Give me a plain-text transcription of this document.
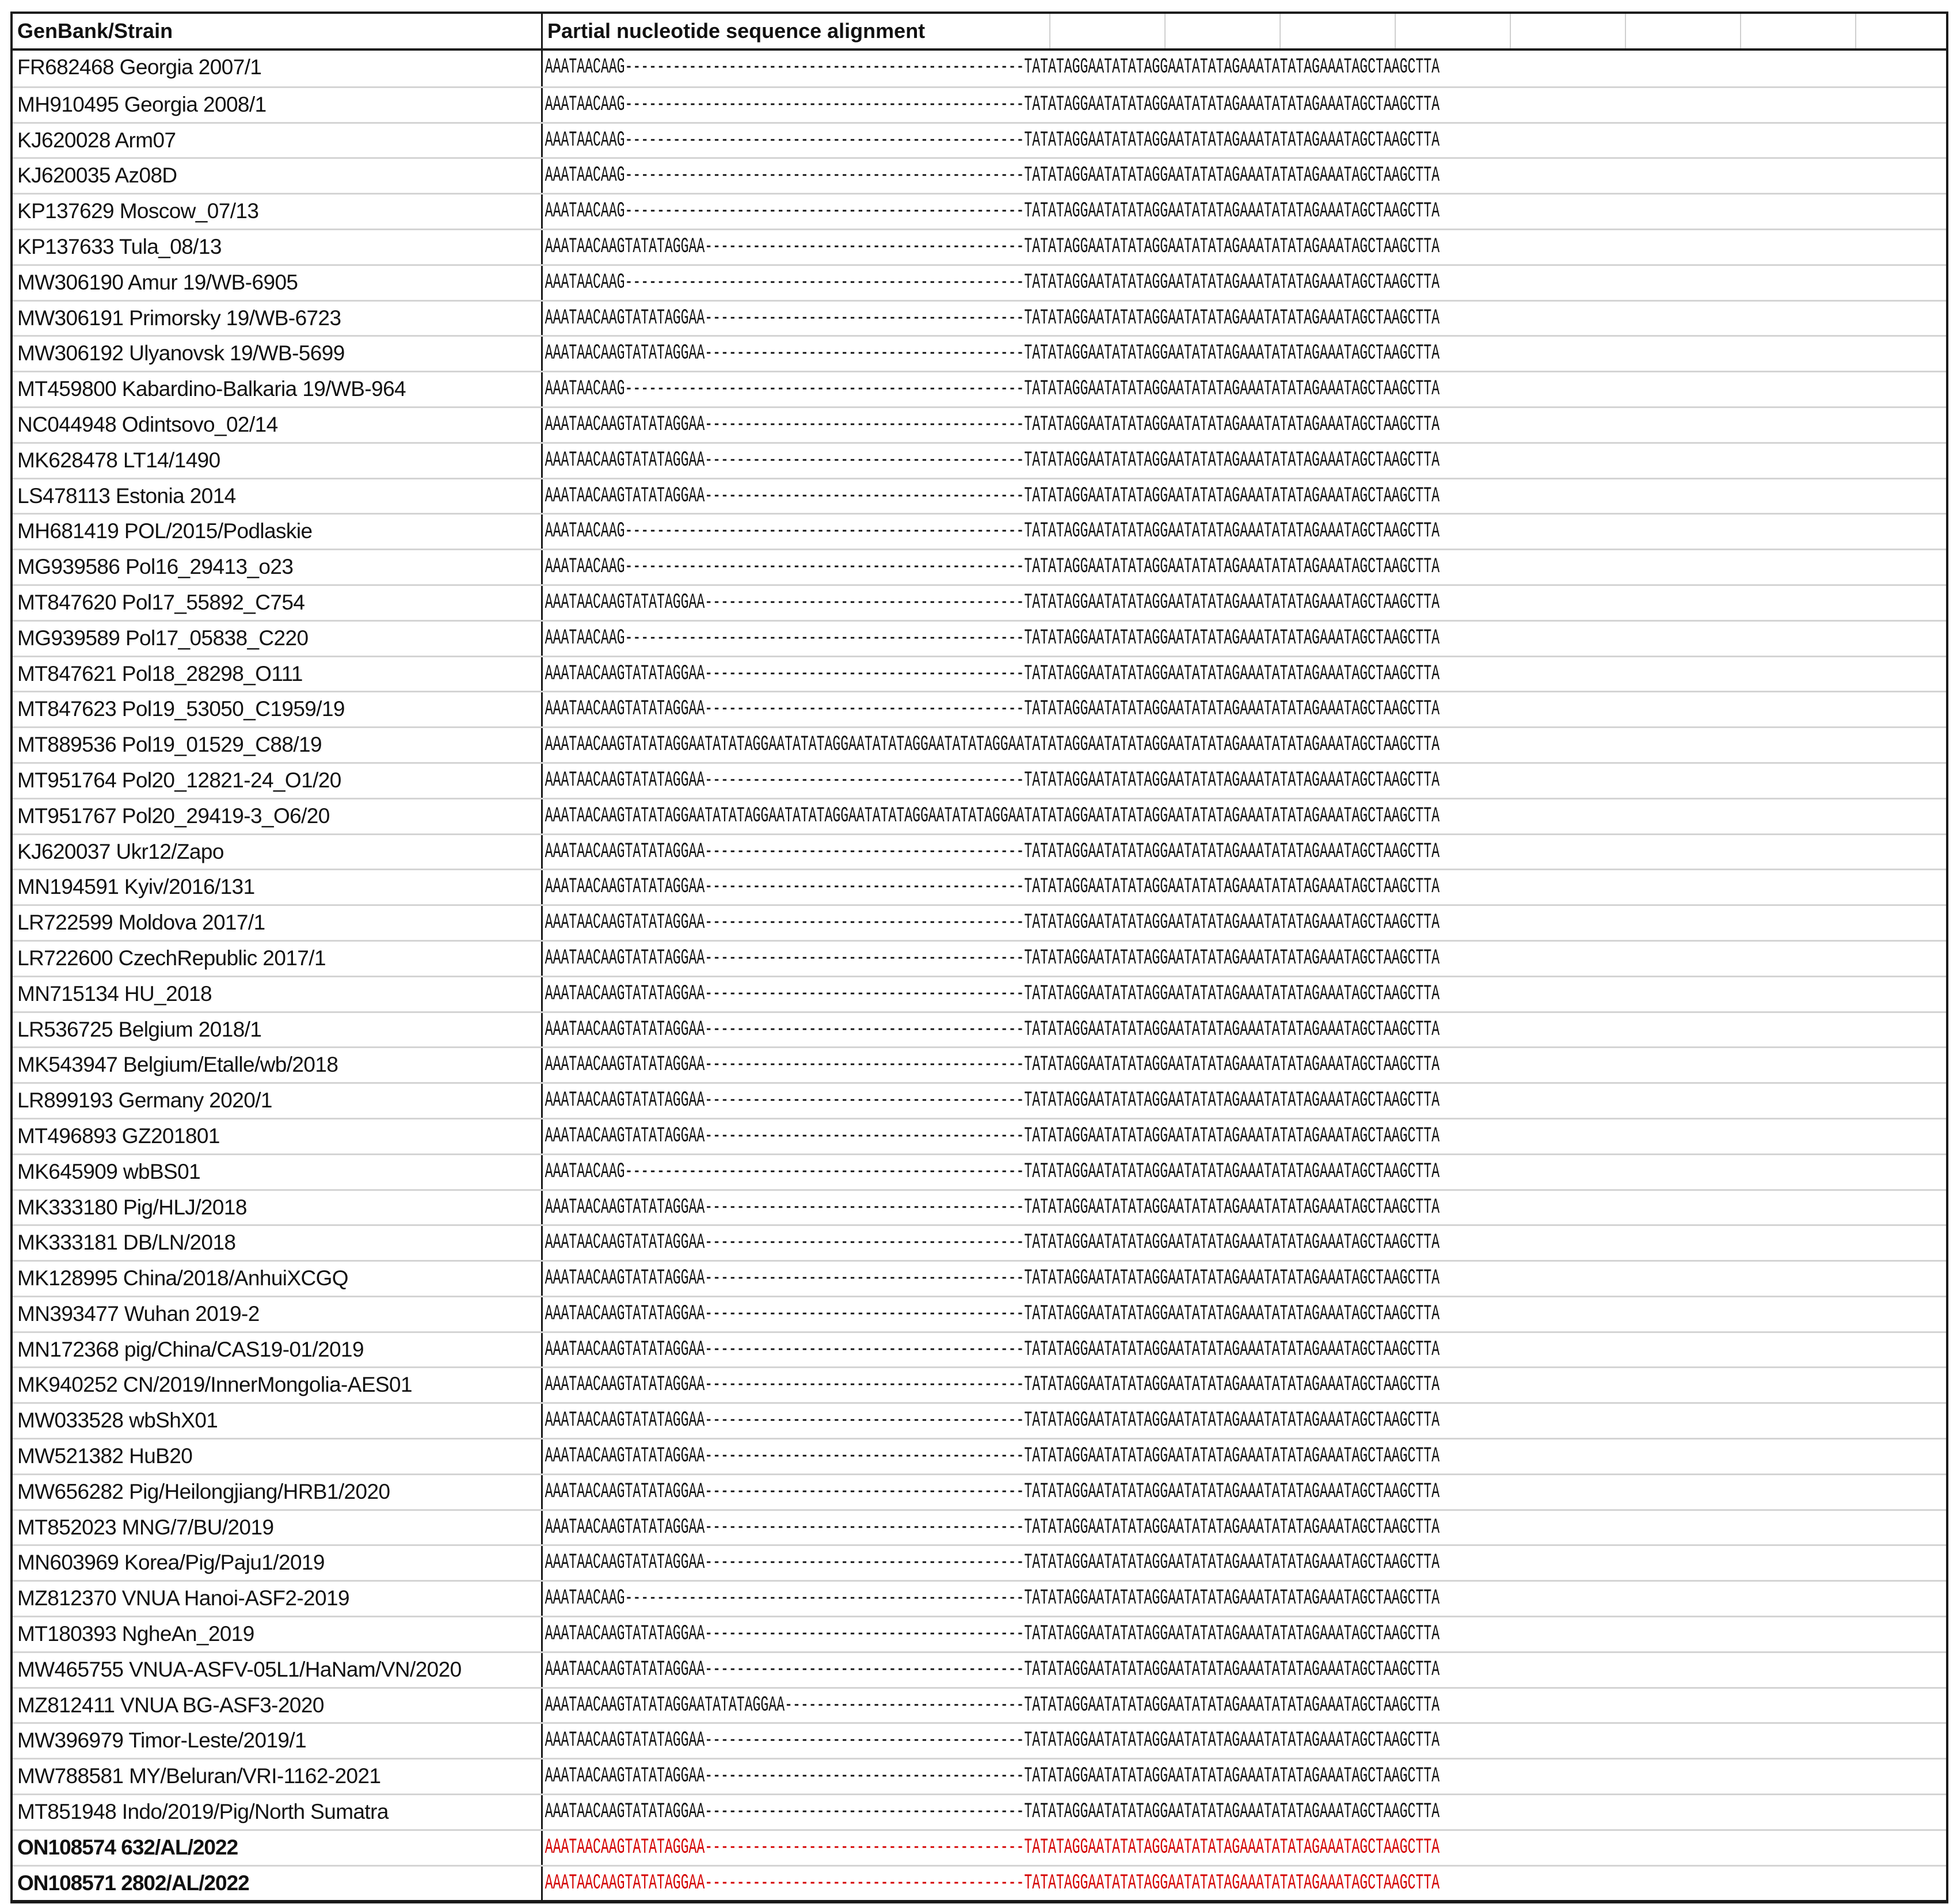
GenBank/Strain	Partial nucleotide sequence alignment
FR682468 Georgia 2007/1	AAATAACAAG--------------------------------------------------TATATAGGAATATATAGGAATATATAGAAATATATAGAAATAGCTAAGCTTA
MH910495 Georgia 2008/1	AAATAACAAG--------------------------------------------------TATATAGGAATATATAGGAATATATAGAAATATATAGAAATAGCTAAGCTTA
KJ620028 Arm07	AAATAACAAG--------------------------------------------------TATATAGGAATATATAGGAATATATAGAAATATATAGAAATAGCTAAGCTTA
KJ620035 Az08D	AAATAACAAG--------------------------------------------------TATATAGGAATATATAGGAATATATAGAAATATATAGAAATAGCTAAGCTTA
KP137629 Moscow_07/13	AAATAACAAG--------------------------------------------------TATATAGGAATATATAGGAATATATAGAAATATATAGAAATAGCTAAGCTTA
KP137633 Tula_08/13	AAATAACAAGTATATAGGAA----------------------------------------TATATAGGAATATATAGGAATATATAGAAATATATAGAAATAGCTAAGCTTA
MW306190 Amur 19/WB-6905	AAATAACAAG--------------------------------------------------TATATAGGAATATATAGGAATATATAGAAATATATAGAAATAGCTAAGCTTA
MW306191 Primorsky 19/WB-6723	AAATAACAAGTATATAGGAA----------------------------------------TATATAGGAATATATAGGAATATATAGAAATATATAGAAATAGCTAAGCTTA
MW306192 Ulyanovsk 19/WB-5699	AAATAACAAGTATATAGGAA----------------------------------------TATATAGGAATATATAGGAATATATAGAAATATATAGAAATAGCTAAGCTTA
MT459800 Kabardino-Balkaria 19/WB-964	AAATAACAAG--------------------------------------------------TATATAGGAATATATAGGAATATATAGAAATATATAGAAATAGCTAAGCTTA
NC044948 Odintsovo_02/14	AAATAACAAGTATATAGGAA----------------------------------------TATATAGGAATATATAGGAATATATAGAAATATATAGAAATAGCTAAGCTTA
MK628478 LT14/1490	AAATAACAAGTATATAGGAA----------------------------------------TATATAGGAATATATAGGAATATATAGAAATATATAGAAATAGCTAAGCTTA
LS478113 Estonia 2014	AAATAACAAGTATATAGGAA----------------------------------------TATATAGGAATATATAGGAATATATAGAAATATATAGAAATAGCTAAGCTTA
MH681419 POL/2015/Podlaskie	AAATAACAAG--------------------------------------------------TATATAGGAATATATAGGAATATATAGAAATATATAGAAATAGCTAAGCTTA
MG939586 Pol16_29413_o23	AAATAACAAG--------------------------------------------------TATATAGGAATATATAGGAATATATAGAAATATATAGAAATAGCTAAGCTTA
MT847620 Pol17_55892_C754	AAATAACAAGTATATAGGAA----------------------------------------TATATAGGAATATATAGGAATATATAGAAATATATAGAAATAGCTAAGCTTA
MG939589 Pol17_05838_C220	AAATAACAAG--------------------------------------------------TATATAGGAATATATAGGAATATATAGAAATATATAGAAATAGCTAAGCTTA
MT847621 Pol18_28298_O111	AAATAACAAGTATATAGGAA----------------------------------------TATATAGGAATATATAGGAATATATAGAAATATATAGAAATAGCTAAGCTTA
MT847623 Pol19_53050_C1959/19	AAATAACAAGTATATAGGAA----------------------------------------TATATAGGAATATATAGGAATATATAGAAATATATAGAAATAGCTAAGCTTA
MT889536 Pol19_01529_C88/19	AAATAACAAGTATATAGGAATATATAGGAATATATAGGAATATATAGGAATATATAGGAATATATAGGAATATATAGGAATATATAGAAATATATAGAAATAGCTAAGCTTA
MT951764 Pol20_12821-24_O1/20	AAATAACAAGTATATAGGAA----------------------------------------TATATAGGAATATATAGGAATATATAGAAATATATAGAAATAGCTAAGCTTA
MT951767 Pol20_29419-3_O6/20	AAATAACAAGTATATAGGAATATATAGGAATATATAGGAATATATAGGAATATATAGGAATATATAGGAATATATAGGAATATATAGAAATATATAGAAATAGCTAAGCTTA
KJ620037 Ukr12/Zapo	AAATAACAAGTATATAGGAA----------------------------------------TATATAGGAATATATAGGAATATATAGAAATATATAGAAATAGCTAAGCTTA
MN194591 Kyiv/2016/131	AAATAACAAGTATATAGGAA----------------------------------------TATATAGGAATATATAGGAATATATAGAAATATATAGAAATAGCTAAGCTTA
LR722599 Moldova 2017/1	AAATAACAAGTATATAGGAA----------------------------------------TATATAGGAATATATAGGAATATATAGAAATATATAGAAATAGCTAAGCTTA
LR722600 CzechRepublic 2017/1	AAATAACAAGTATATAGGAA----------------------------------------TATATAGGAATATATAGGAATATATAGAAATATATAGAAATAGCTAAGCTTA
MN715134 HU_2018	AAATAACAAGTATATAGGAA----------------------------------------TATATAGGAATATATAGGAATATATAGAAATATATAGAAATAGCTAAGCTTA
LR536725 Belgium 2018/1	AAATAACAAGTATATAGGAA----------------------------------------TATATAGGAATATATAGGAATATATAGAAATATATAGAAATAGCTAAGCTTA
MK543947 Belgium/Etalle/wb/2018	AAATAACAAGTATATAGGAA----------------------------------------TATATAGGAATATATAGGAATATATAGAAATATATAGAAATAGCTAAGCTTA
LR899193 Germany 2020/1	AAATAACAAGTATATAGGAA----------------------------------------TATATAGGAATATATAGGAATATATAGAAATATATAGAAATAGCTAAGCTTA
MT496893 GZ201801	AAATAACAAGTATATAGGAA----------------------------------------TATATAGGAATATATAGGAATATATAGAAATATATAGAAATAGCTAAGCTTA
MK645909 wbBS01	AAATAACAAG--------------------------------------------------TATATAGGAATATATAGGAATATATAGAAATATATAGAAATAGCTAAGCTTA
MK333180 Pig/HLJ/2018	AAATAACAAGTATATAGGAA----------------------------------------TATATAGGAATATATAGGAATATATAGAAATATATAGAAATAGCTAAGCTTA
MK333181 DB/LN/2018	AAATAACAAGTATATAGGAA----------------------------------------TATATAGGAATATATAGGAATATATAGAAATATATAGAAATAGCTAAGCTTA
MK128995 China/2018/AnhuiXCGQ	AAATAACAAGTATATAGGAA----------------------------------------TATATAGGAATATATAGGAATATATAGAAATATATAGAAATAGCTAAGCTTA
MN393477 Wuhan 2019-2	AAATAACAAGTATATAGGAA----------------------------------------TATATAGGAATATATAGGAATATATAGAAATATATAGAAATAGCTAAGCTTA
MN172368 pig/China/CAS19-01/2019	AAATAACAAGTATATAGGAA----------------------------------------TATATAGGAATATATAGGAATATATAGAAATATATAGAAATAGCTAAGCTTA
MK940252 CN/2019/InnerMongolia-AES01	AAATAACAAGTATATAGGAA----------------------------------------TATATAGGAATATATAGGAATATATAGAAATATATAGAAATAGCTAAGCTTA
MW033528 wbShX01	AAATAACAAGTATATAGGAA----------------------------------------TATATAGGAATATATAGGAATATATAGAAATATATAGAAATAGCTAAGCTTA
MW521382 HuB20	AAATAACAAGTATATAGGAA----------------------------------------TATATAGGAATATATAGGAATATATAGAAATATATAGAAATAGCTAAGCTTA
MW656282 Pig/Heilongjiang/HRB1/2020	AAATAACAAGTATATAGGAA----------------------------------------TATATAGGAATATATAGGAATATATAGAAATATATAGAAATAGCTAAGCTTA
MT852023 MNG/7/BU/2019	AAATAACAAGTATATAGGAA----------------------------------------TATATAGGAATATATAGGAATATATAGAAATATATAGAAATAGCTAAGCTTA
MN603969 Korea/Pig/Paju1/2019	AAATAACAAGTATATAGGAA----------------------------------------TATATAGGAATATATAGGAATATATAGAAATATATAGAAATAGCTAAGCTTA
MZ812370 VNUA Hanoi-ASF2-2019	AAATAACAAG--------------------------------------------------TATATAGGAATATATAGGAATATATAGAAATATATAGAAATAGCTAAGCTTA
MT180393 NgheAn_2019	AAATAACAAGTATATAGGAA----------------------------------------TATATAGGAATATATAGGAATATATAGAAATATATAGAAATAGCTAAGCTTA
MW465755 VNUA-ASFV-05L1/HaNam/VN/2020	AAATAACAAGTATATAGGAA----------------------------------------TATATAGGAATATATAGGAATATATAGAAATATATAGAAATAGCTAAGCTTA
MZ812411 VNUA BG-ASF3-2020	AAATAACAAGTATATAGGAATATATAGGAA------------------------------TATATAGGAATATATAGGAATATATAGAAATATATAGAAATAGCTAAGCTTA
MW396979 Timor-Leste/2019/1	AAATAACAAGTATATAGGAA----------------------------------------TATATAGGAATATATAGGAATATATAGAAATATATAGAAATAGCTAAGCTTA
MW788581 MY/Beluran/VRI-1162-2021	AAATAACAAGTATATAGGAA----------------------------------------TATATAGGAATATATAGGAATATATAGAAATATATAGAAATAGCTAAGCTTA
MT851948 Indo/2019/Pig/North Sumatra	AAATAACAAGTATATAGGAA----------------------------------------TATATAGGAATATATAGGAATATATAGAAATATATAGAAATAGCTAAGCTTA
ON108574 632/AL/2022	AAATAACAAGTATATAGGAA----------------------------------------TATATAGGAATATATAGGAATATATAGAAATATATAGAAATAGCTAAGCTTA
ON108571 2802/AL/2022	AAATAACAAGTATATAGGAA----------------------------------------TATATAGGAATATATAGGAATATATAGAAATATATAGAAATAGCTAAGCTTA
